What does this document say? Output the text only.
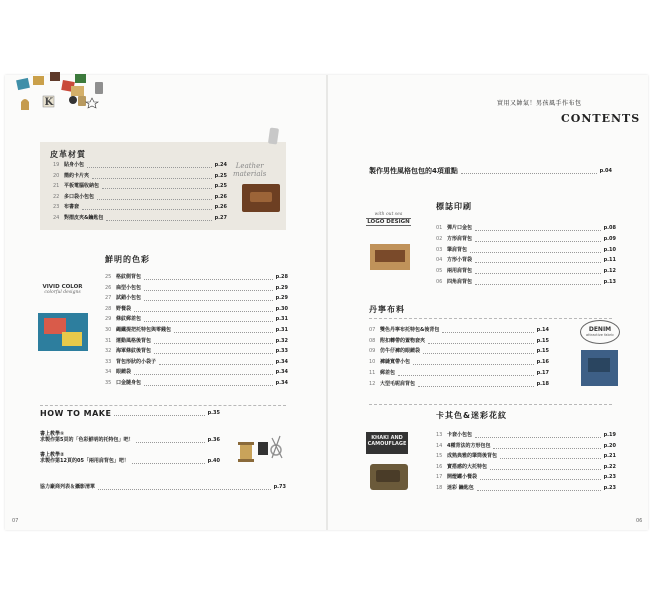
K	實用又帥氣！男孩風手作布包
CONTENTS
皮革材質
Leather
materials
19 貼身小包	p.24
20 簡約卡片夾	p.25
21 平板電腦收納包	p.25
22 多口袋小包包	p.26
23 布書套	p.26
24 對摺皮夾&鑰匙包	p.27
鮮明的色彩
VIVID COLOR
colorful designs
25 格紋側背包	p.28
26 扁型小包包	p.29
27 試錯小包包	p.29
28 野餐袋	p.30
29 條紋郵差包	p.31
30 繩鐵提把托特包與零錢包	p.31
31 運動風格後背包	p.32
32 海軍條紋後背包	p.33
33 背包形狀的小袋子	p.34
34 眼鏡袋	p.34
35 口金隨身包	p.34
HOW TO MAKE	p.35
書上教學①
求製作第5頁的「色彩鮮明的托特包」吧！	p.36
書上教學②
求製作第12頁的05「兩用肩背包」吧！	p.40
協力廠商列表＆攝影清單	p.73
製作男性風格包包的4項重點	p.04
標誌印刷
with out sea
LOGO DESIGN
01 彈片口金包	p.08
02 方形肩背包	p.09
03 筆肩背包	p.10
04 方形小背袋	p.11
05 兩用肩背包	p.12
06 四角肩背包	p.13
丹寧布料
DENIM
attractive fabric
07 雙色丹寧布托特包&後背包	p.14
08 附扣轉帶的置物套夾	p.15
09 仿牛仔褲的眼鏡袋	p.15
10 褲縫寬帶小包	p.16
11 郵差包	p.17
12 大型毛呢肩背包	p.18
卡其色&迷彩花紋
KHAKI AND
CAMOUFLAGE
13 卡套小包包	p.19
14 4種背法的方形包包	p.20
15 成熟典雅的筆筒後背包	p.21
16 實搭感的大托特包	p.22
17 開燈罐小餐袋	p.23
18 迷彩 鑰匙包	p.23
07	06
